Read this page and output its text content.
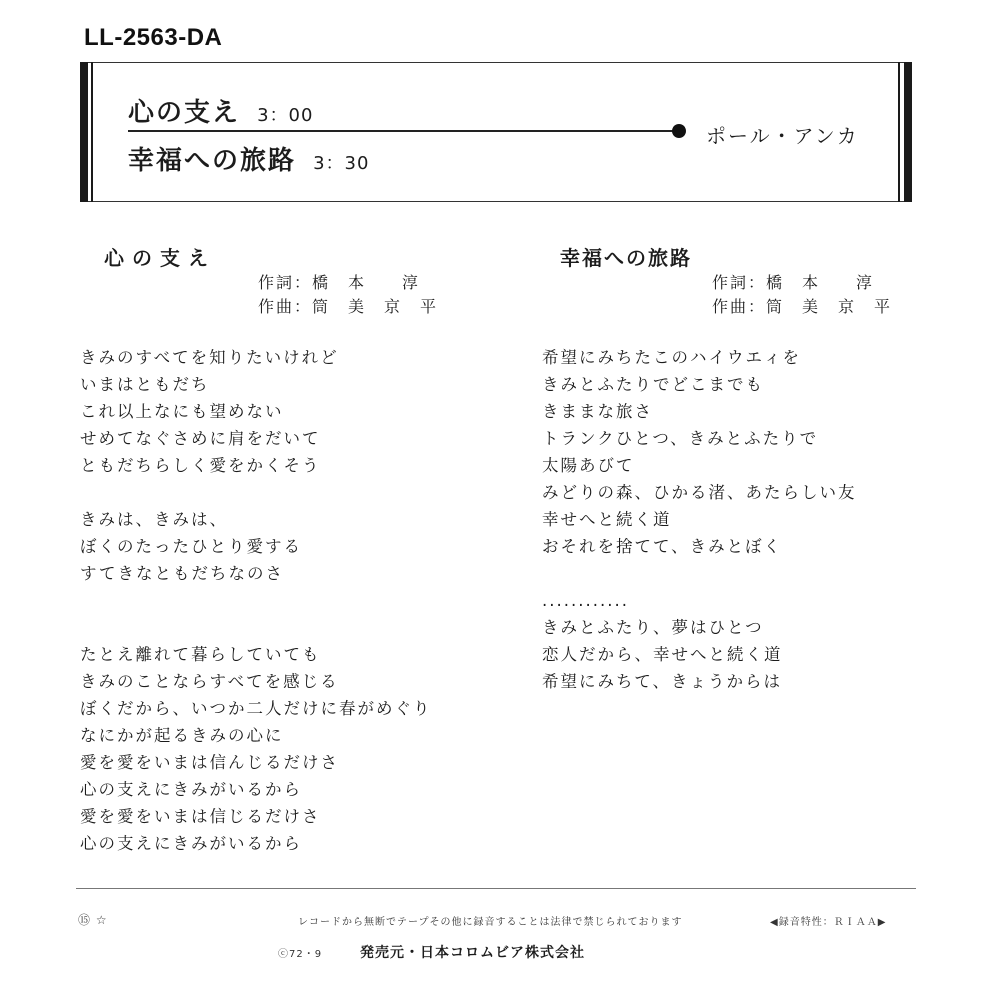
LL-2563-DA
心の支え 3：00
幸福への旅路 3：30
ポール・アンカ
心の支え
作詞：橋　本　　淳
作曲：筒　美　京　平
きみのすべてを知りたいけれど
いまはともだち
これ以上なにも望めない
せめてなぐさめに肩をだいて
ともだちらしく愛をかくそう
きみは、きみは、
ぼくのたったひとり愛する
すてきなともだちなのさ
たとえ離れて暮らしていても
きみのことならすべてを感じる
ぼくだから、いつか二人だけに春がめぐり
なにかが起るきみの心に
愛を愛をいまは信んじるだけさ
心の支えにきみがいるから
愛を愛をいまは信じるだけさ
心の支えにきみがいるから
幸福への旅路
作詞：橋　本　　淳
作曲：筒　美　京　平
希望にみちたこのハイウエィを
きみとふたりでどこまでも
きままな旅さ
トランクひとつ、きみとふたりで
太陽あびて
みどりの森、ひかる渚、あたらしい友
幸せへと続く道
おそれを捨てて、きみとぼく
............
きみとふたり、夢はひとつ
恋人だから、幸せへと続く道
希望にみちて、きょうからは
⑮ ☆	レコードから無断でテープその他に録音することは法律で禁じられております	◀録音特性：ＲＩＡＡ▶
ⓒ72・9	発売元・日本コロムビア株式会社
